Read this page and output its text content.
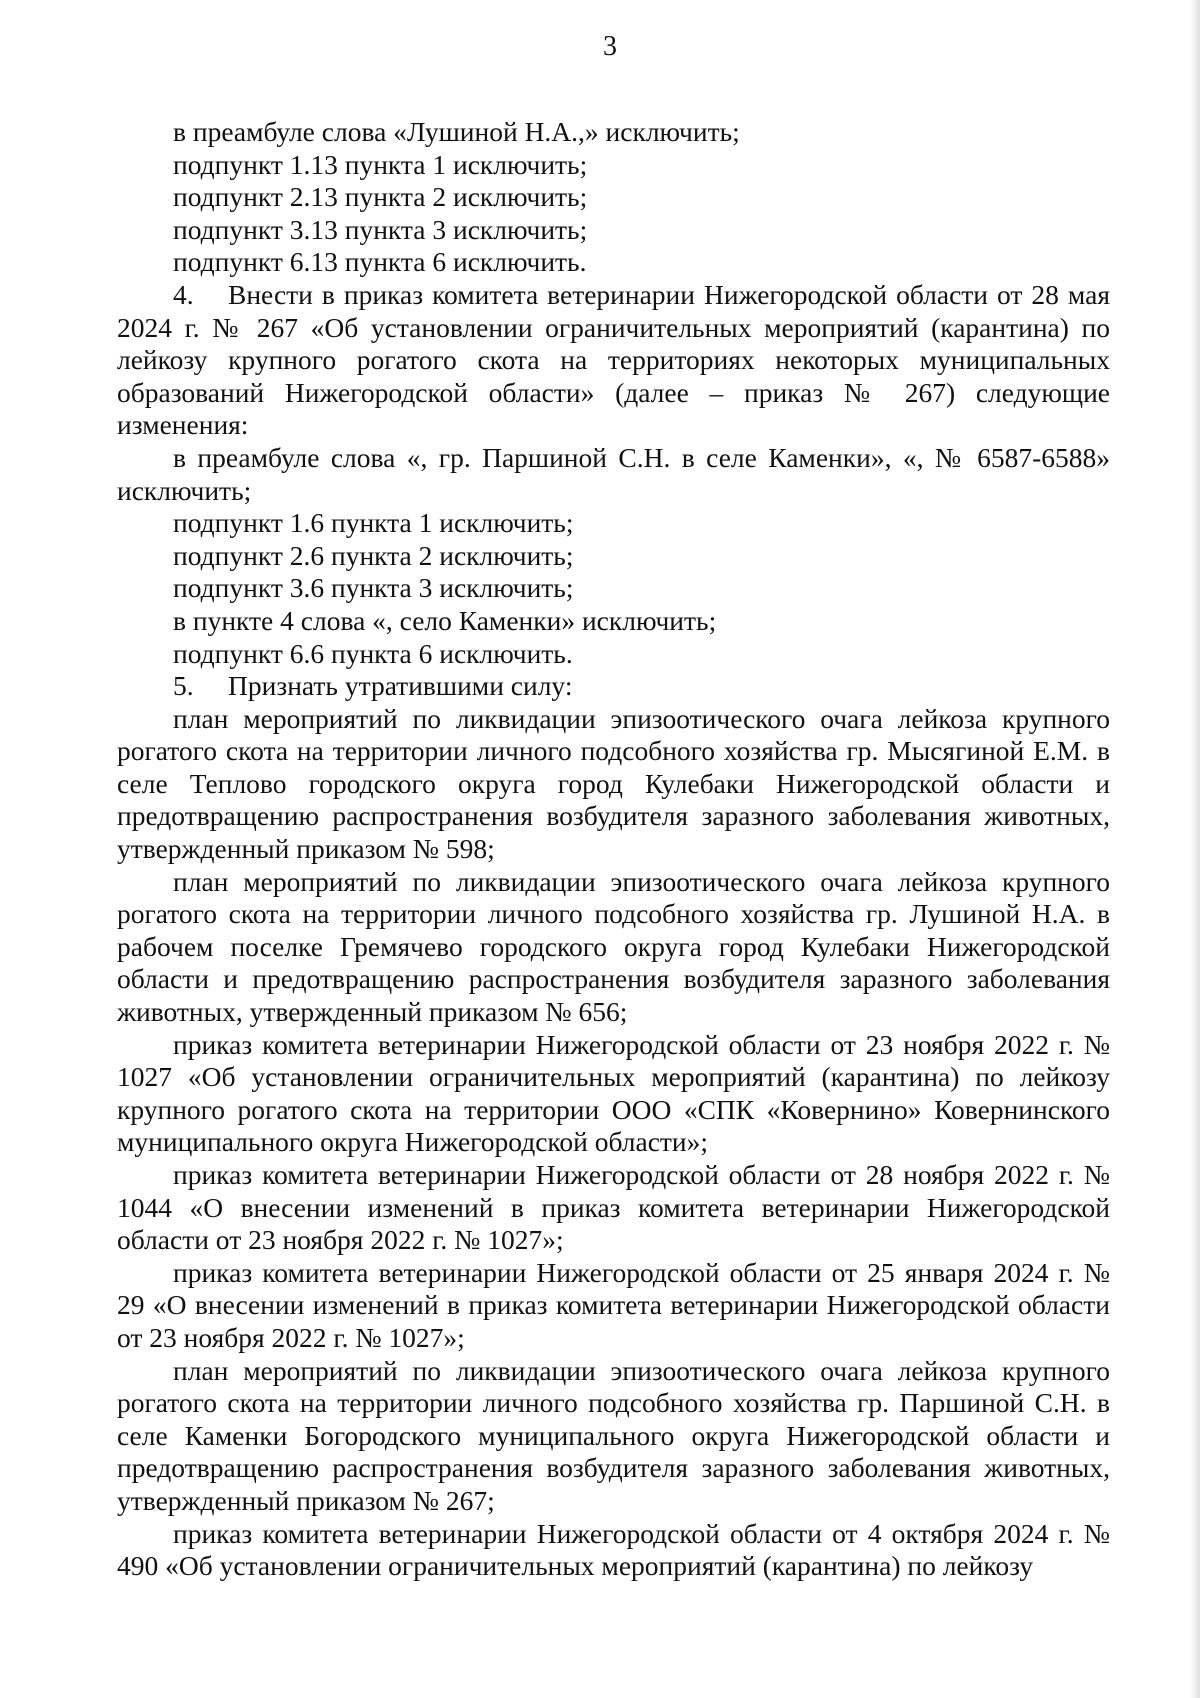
3

в преамбуле слова «Лушиной Н.А.,» исключить;

подпункт 1.13 пункта 1 исключить;

подпункт 2.13 пункта 2 исключить;

подпункт 3.13 пункта 3 исключить;

подпункт 6.13 пункта 6 исключить.

4. Внести в приказ комитета ветеринарии Нижегородской области от 28 мая 2024 г. № 267 «Об установлении ограничительных мероприятий (карантина) по лейкозу крупного рогатого скота на территориях некоторых муниципальных образований Нижегородской области» (далее – приказ № 267) следующие изменения:

в преамбуле слова «, гр. Паршиной С.Н. в селе Каменки», «, № 6587-6588» исключить;

подпункт 1.6 пункта 1 исключить;

подпункт 2.6 пункта 2 исключить;

подпункт 3.6 пункта 3 исключить;

в пункте 4 слова «, село Каменки» исключить;

подпункт 6.6 пункта 6 исключить.

5. Признать утратившими силу:

план мероприятий по ликвидации эпизоотического очага лейкоза крупного рогатого скота на территории личного подсобного хозяйства гр. Мысягиной Е.М. в селе Теплово городского округа город Кулебаки Нижегородской области и предотвращению распространения возбудителя заразного заболевания животных, утвержденный приказом № 598;

план мероприятий по ликвидации эпизоотического очага лейкоза крупного рогатого скота на территории личного подсобного хозяйства гр. Лушиной Н.А. в рабочем поселке Гремячево городского округа город Кулебаки Нижегородской области и предотвращению распространения возбудителя заразного заболевания животных, утвержденный приказом № 656;

приказ комитета ветеринарии Нижегородской области от 23 ноября 2022 г. № 1027 «Об установлении ограничительных мероприятий (карантина) по лейкозу крупного рогатого скота на территории ООО «СПК «Ковернино» Ковернинского муниципального округа Нижегородской области»;

приказ комитета ветеринарии Нижегородской области от 28 ноября 2022 г. № 1044 «О внесении изменений в приказ комитета ветеринарии Нижегородской области от 23 ноября 2022 г. № 1027»;

приказ комитета ветеринарии Нижегородской области от 25 января 2024 г. № 29 «О внесении изменений в приказ комитета ветеринарии Нижегородской области от 23 ноября 2022 г. № 1027»;

план мероприятий по ликвидации эпизоотического очага лейкоза крупного рогатого скота на территории личного подсобного хозяйства гр. Паршиной С.Н. в селе Каменки Богородского муниципального округа Нижегородской области и предотвращению распространения возбудителя заразного заболевания животных, утвержденный приказом № 267;

приказ комитета ветеринарии Нижегородской области от 4 октября 2024 г. № 490 «Об установлении ограничительных мероприятий (карантина) по лейкозу
